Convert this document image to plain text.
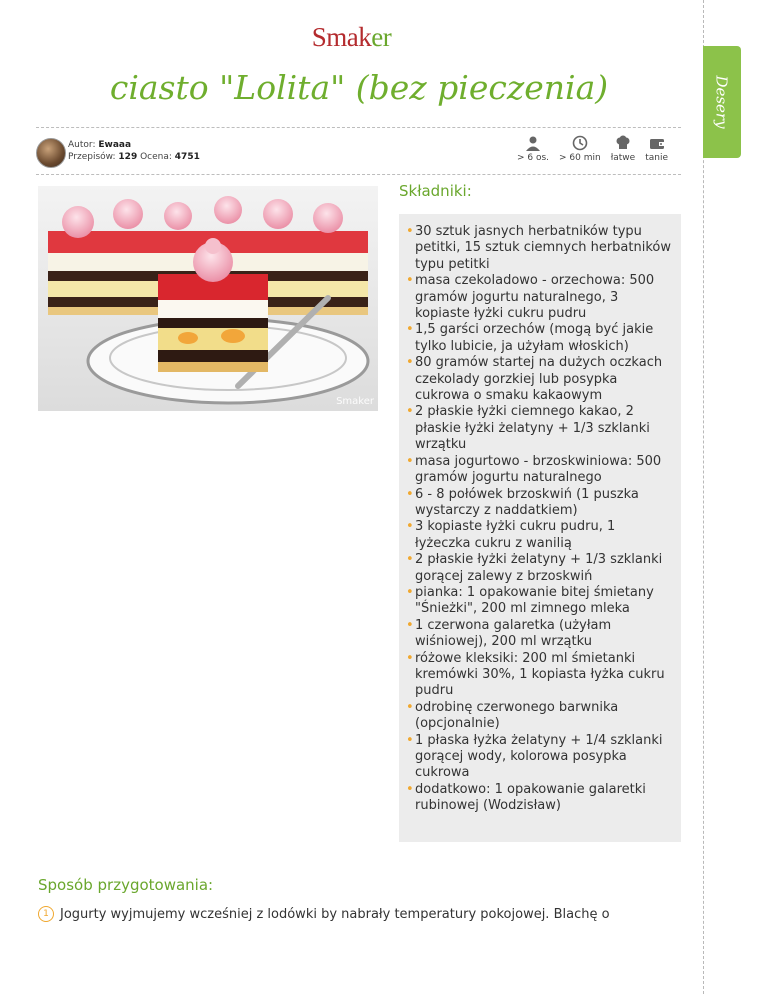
Desery
Smaker
ciasto "Lolita" (bez pieczenia)
Autor: Ewaaa
Przepisów: 129 Ocena: 4751	> 6 os. > 60 min łatwe tanie
Smaker
Składniki:
• 30 sztuk jasnych herbatników typu petitki, 15 sztuk ciemnych herbatników typu petitki
• masa czekoladowo - orzechowa: 500 gramów jogurtu naturalnego, 3 kopiaste łyżki cukru pudru
• 1,5 garści orzechów (mogą być jakie tylko lubicie, ja użyłam włoskich)
• 80 gramów startej na dużych oczkach czekolady gorzkiej lub posypka cukrowa o smaku kakaowym
• 2 płaskie łyżki ciemnego kakao, 2 płaskie łyżki żelatyny + 1/3 szklanki wrzątku
• masa jogurtowo - brzoskwiniowa: 500 gramów jogurtu naturalnego
• 6 - 8 połówek brzoskwiń (1 puszka wystarczy z naddatkiem)
• 3 kopiaste łyżki cukru pudru, 1 łyżeczka cukru z wanilią
• 2 płaskie łyżki żelatyny + 1/3 szklanki gorącej zalewy z brzoskwiń
• pianka: 1 opakowanie bitej śmietany "Śnieżki", 200 ml zimnego mleka
• 1 czerwona galaretka (użyłam wiśniowej), 200 ml wrzątku
• różowe kleksiki: 200 ml śmietanki kremówki 30%, 1 kopiasta łyżka cukru pudru
• odrobinę czerwonego barwnika (opcjonalnie)
• 1 płaska łyżka żelatyny + 1/4 szklanki gorącej wody, kolorowa posypka cukrowa
• dodatkowo: 1 opakowanie galaretki rubinowej (Wodzisław)
Sposób przygotowania:
1 Jogurty wyjmujemy wcześniej z lodówki by nabrały temperatury pokojowej. Blachę o
